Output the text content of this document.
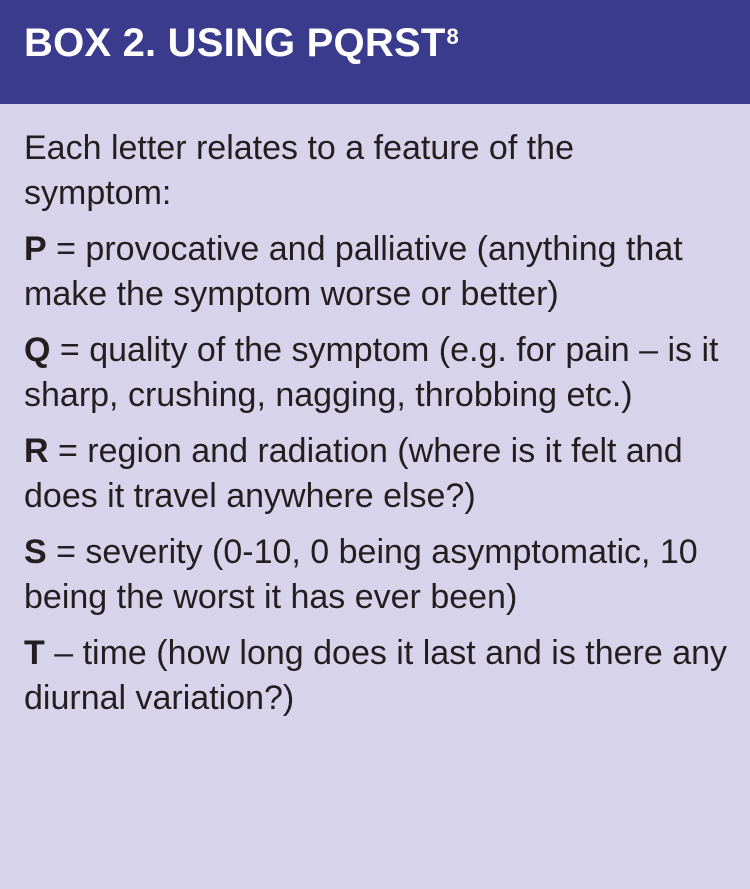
BOX 2. USING PQRST$^8$
Each letter relates to a feature of the symptom:
P = provocative and palliative (anything that make the symptom worse or better)
Q = quality of the symptom (e.g. for pain – is it sharp, crushing, nagging, throbbing etc.)
R = region and radiation (where is it felt and does it travel anywhere else?)
S = severity (0-10, 0 being asymptomatic, 10 being the worst it has ever been)
T – time (how long does it last and is there any diurnal variation?)
